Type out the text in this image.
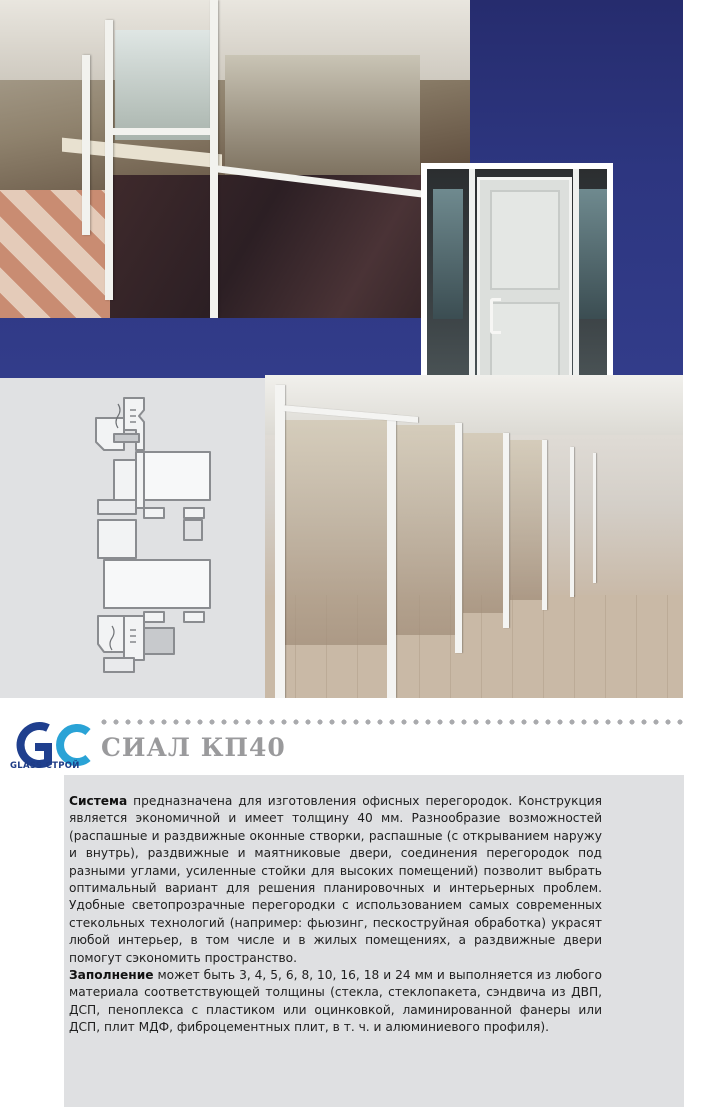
GLASS СТРОЙ
СИАЛ КП40

Система предназначена для изготовления офисных перегородок. Конструкция является экономичной и имеет толщину 40 мм. Разнообразие возможностей (распашные и раздвижные оконные створки, распашные (с открыванием наружу и внутрь), раздвижные и маятниковые двери, соединения перегородок под разными углами, усиленные стойки для высоких помещений) позволит выбрать оптимальный вариант для решения планировочных и интерьерных проблем. Удобные светопрозрачные перегородки с использованием самых современных стекольных технологий (например: фьюзинг, пескоструйная обработка) украсят любой интерьер, в том числе и в жилых помещениях, а раздвижные двери помогут сэкономить пространство.
Заполнение может быть 3, 4, 5, 6, 8, 10, 16, 18 и 24 мм и выполняется из любого материала соответствующей толщины (стекла, стеклопакета, сэндвича из ДВП, ДСП, пеноплекса с пластиком или оцинковкой, ламинированной фанеры или ДСП, плит МДФ, фиброцементных плит, в т. ч. и алюминиевого профиля).
